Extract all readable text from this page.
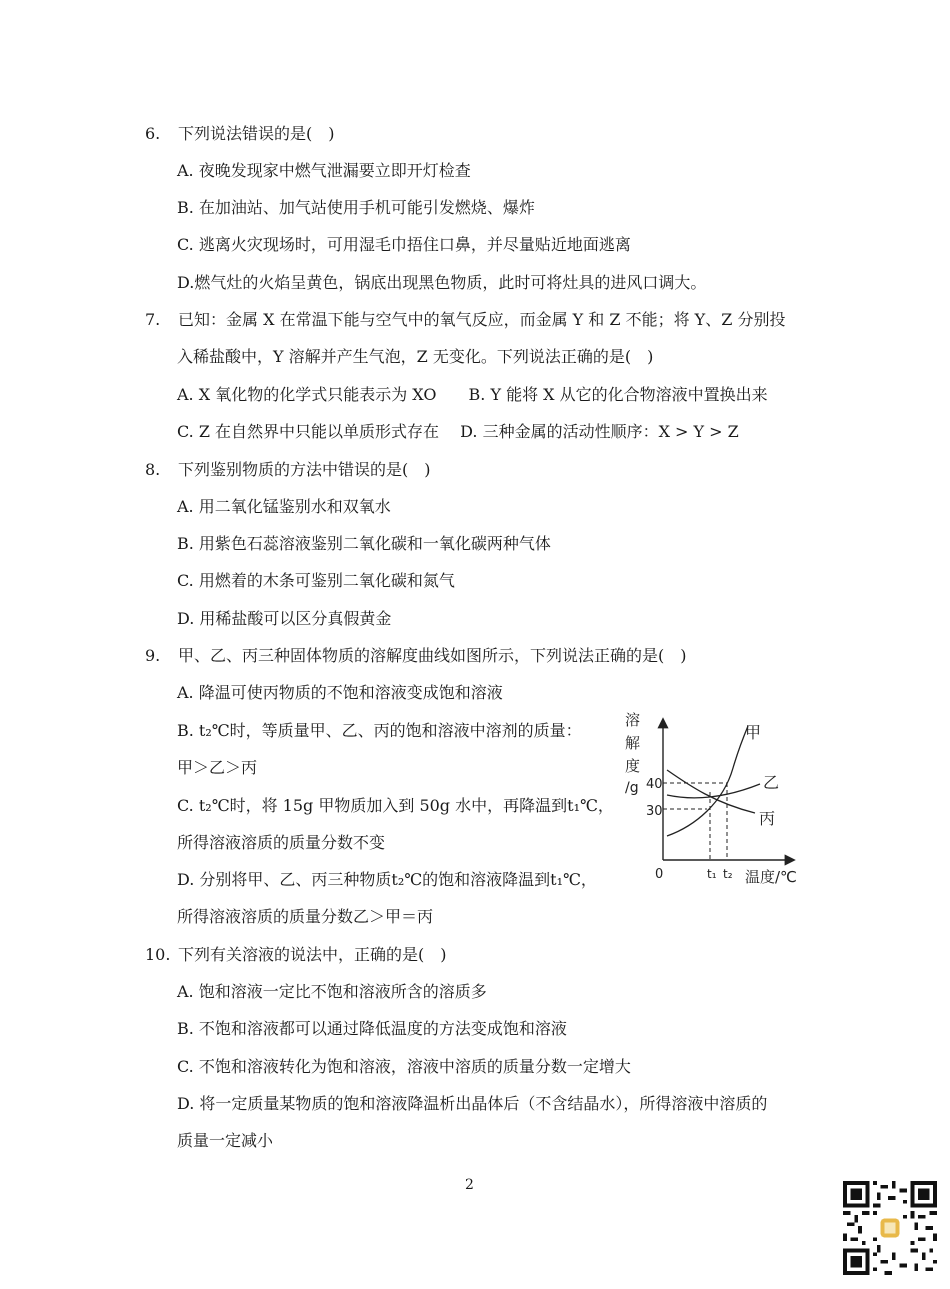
6. 下列说法错误的是(　)
A. 夜晚发现家中燃气泄漏要立即开灯检查
B. 在加油站、加气站使用手机可能引发燃烧、爆炸
C. 逃离火灾现场时，可用湿毛巾捂住口鼻，并尽量贴近地面逃离
D.燃气灶的火焰呈黄色，锅底出现黑色物质，此时可将灶具的进风口调大。
7. 已知：金属 X 在常温下能与空气中的氧气反应，而金属 Y 和 Z 不能；将 Y、Z 分别投
入稀盐酸中，Y 溶解并产生气泡，Z 无变化。下列说法正确的是(　)
A. X 氧化物的化学式只能表示为 XO　　B. Y 能将 X 从它的化合物溶液中置换出来
C. Z 在自然界中只能以单质形式存在　 D. 三种金属的活动性顺序：X > Y > Z
8. 下列鉴别物质的方法中错误的是(　)
A. 用二氧化锰鉴别水和双氧水
B. 用紫色石蕊溶液鉴别二氧化碳和一氧化碳两种气体
C. 用燃着的木条可鉴别二氧化碳和氮气
D. 用稀盐酸可以区分真假黄金
9. 甲、乙、丙三种固体物质的溶解度曲线如图所示，下列说法正确的是(　)
A. 降温可使丙物质的不饱和溶液变成饱和溶液
B. t₂℃时，等质量甲、乙、丙的饱和溶液中溶剂的质量：
甲＞乙＞丙
C. t₂℃时，将 15g 甲物质加入到 50g 水中，再降温到t₁℃，
所得溶液溶质的质量分数不变
D. 分别将甲、乙、丙三种物质t₂℃的饱和溶液降温到t₁℃，
所得溶液溶质的质量分数乙＞甲＝丙
溶
解
度
/g 40
30
0	t₁ t₂ 温度/℃
甲
乙
丙
10. 下列有关溶液的说法中，正确的是(　)
A. 饱和溶液一定比不饱和溶液所含的溶质多
B. 不饱和溶液都可以通过降低温度的方法变成饱和溶液
C. 不饱和溶液转化为饱和溶液，溶液中溶质的质量分数一定增大
D. 将一定质量某物质的饱和溶液降温析出晶体后（不含结晶水），所得溶液中溶质的
质量一定减小
2
